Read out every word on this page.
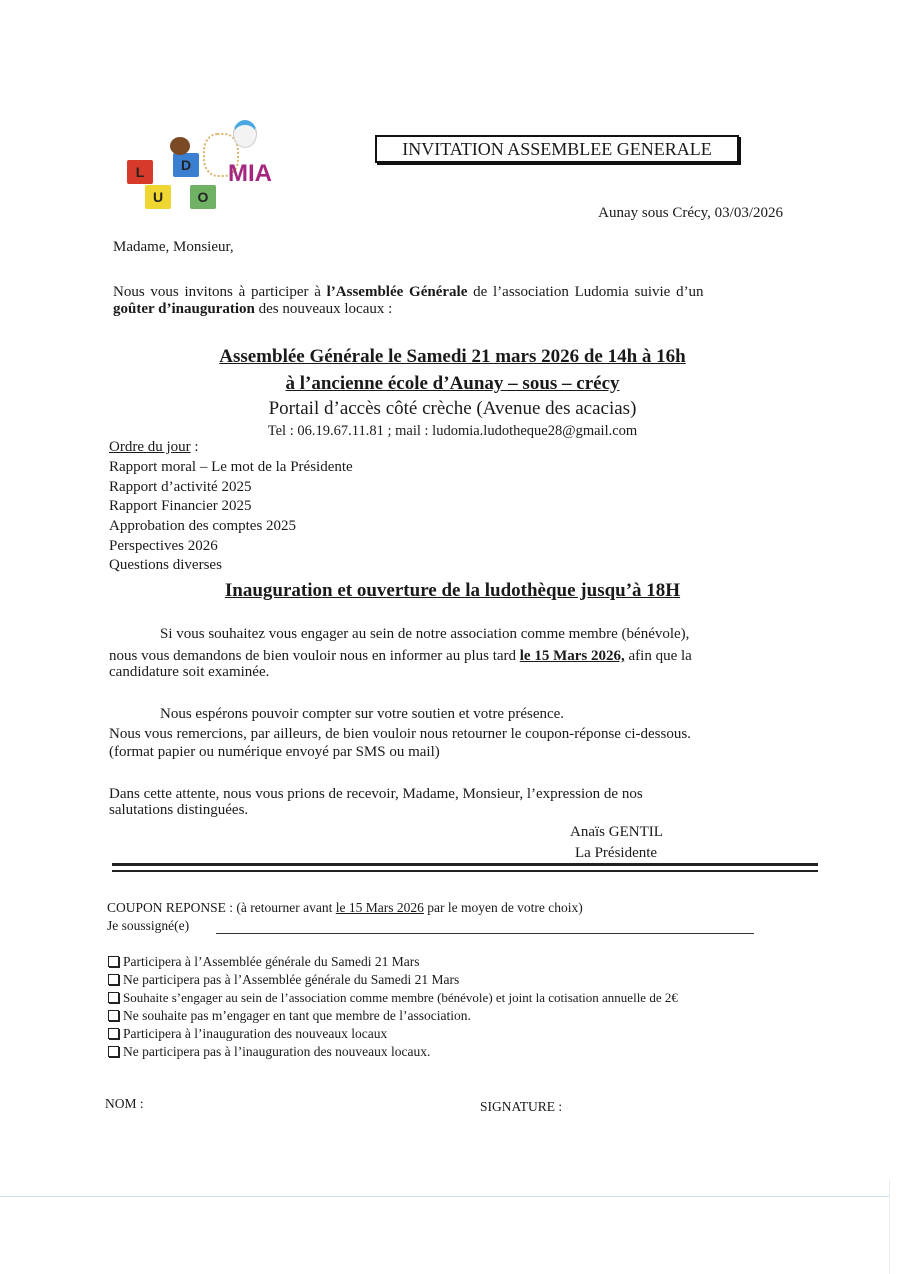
L	D
U	O
MIA
INVITATION ASSEMBLEE GENERALE
Aunay sous Crécy, 03/03/2026
Madame, Monsieur,
Nous vous invitons à participer à l’Assemblée Générale de l’association Ludomia suivie d’un
goûter d’inauguration des nouveaux locaux :
Assemblée Générale le Samedi 21 mars 2026 de 14h à 16h
à l’ancienne école d’Aunay – sous – crécy
Portail d’accès côté crèche (Avenue des acacias)
Tel : 06.19.67.11.81 ; mail : ludomia.ludotheque28@gmail.com
Ordre du jour :
Rapport moral – Le mot de la Présidente
Rapport d’activité 2025
Rapport Financier 2025
Approbation des comptes 2025
Perspectives 2026
Questions diverses
Inauguration et ouverture de la ludothèque jusqu’à 18H
Si vous souhaitez vous engager au sein de notre association comme membre (bénévole),
nous vous demandons de bien vouloir nous en informer au plus tard le 15 Mars 2026, afin que la
candidature soit examinée.
Nous espérons pouvoir compter sur votre soutien et votre présence.
Nous vous remercions, par ailleurs, de bien vouloir nous retourner le coupon-réponse ci-dessous.
(format papier ou numérique envoyé par SMS ou mail)
Dans cette attente, nous vous prions de recevoir, Madame, Monsieur, l’expression de nos
salutations distinguées.
Anaïs GENTIL
La Présidente
COUPON REPONSE : (à retourner avant le 15 Mars 2026 par le moyen de votre choix)
Je soussigné(e)
Participera à l’Assemblée générale du Samedi 21 Mars
Ne participera pas à l’Assemblée générale du Samedi 21 Mars
Souhaite s’engager au sein de l’association comme membre (bénévole) et joint la cotisation annuelle de 2€
Ne souhaite pas m’engager en tant que membre de l’association.
Participera à l’inauguration des nouveaux locaux
Ne participera pas à l’inauguration des nouveaux locaux.
NOM :	SIGNATURE :
